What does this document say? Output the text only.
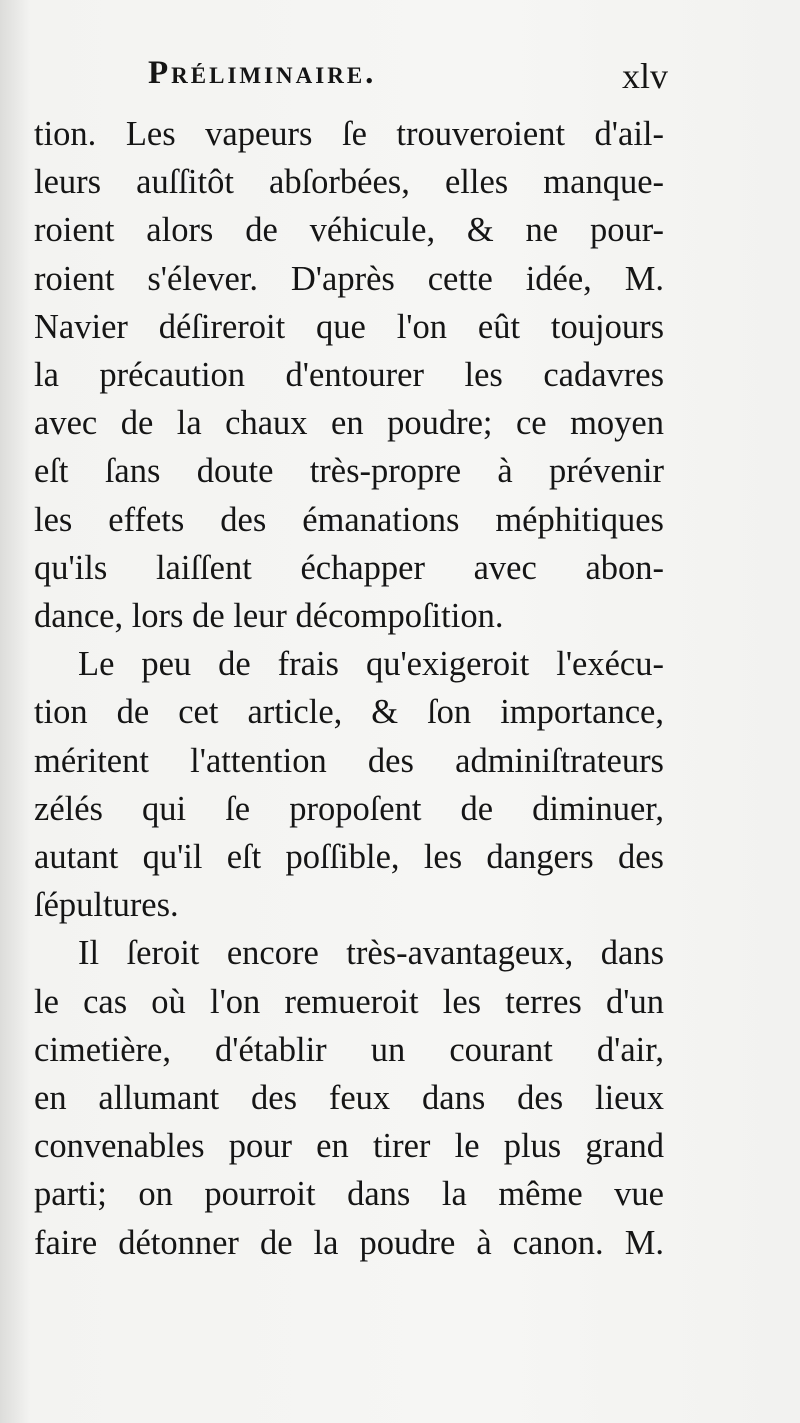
Préliminaire.	xlv
tion. Les vapeurs ſe trouveroient d'ail-
leurs auſſitôt abſorbées, elles manque-
roient alors de véhicule, & ne pour-
roient s'élever. D'après cette idée, M.
Navier déſireroit que l'on eût toujours
la précaution d'entourer les cadavres
avec de la chaux en poudre; ce moyen
eſt ſans doute très-propre à prévenir
les effets des émanations méphitiques
qu'ils laiſſent échapper avec abon-
dance, lors de leur décompoſition.
Le peu de frais qu'exigeroit l'exécu-
tion de cet article, & ſon importance,
méritent l'attention des adminiſtrateurs
zélés qui ſe propoſent de diminuer,
autant qu'il eſt poſſible, les dangers des
ſépultures.
Il ſeroit encore très-avantageux, dans
le cas où l'on remueroit les terres d'un
cimetière, d'établir un courant d'air,
en allumant des feux dans des lieux
convenables pour en tirer le plus grand
parti; on pourroit dans la même vue
faire détonner de la poudre à canon. M.
